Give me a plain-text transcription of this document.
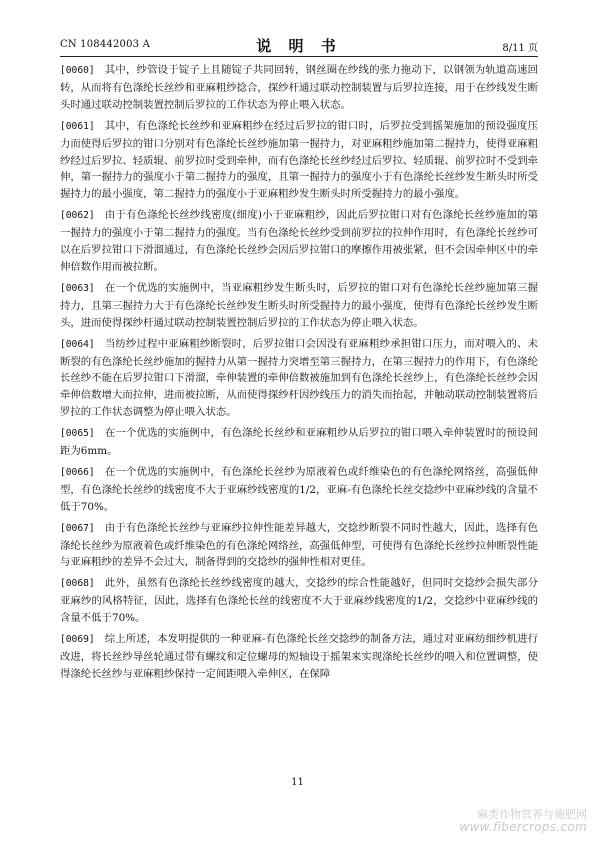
CN 108442003 A	说 明 书	8/11 页

[0060] 其中，纱管设于锭子上且随锭子共同回转，钢丝圈在纱线的张力拖动下，以钢领为轨道高速回转，从而将有色涤纶长丝纱和亚麻粗纱捻合，探纱杆通过联动控制装置与后罗拉连接，用于在纱线发生断头时通过联动控制装置控制后罗拉的工作状态为停止喂入状态。

[0061] 其中，有色涤纶长丝纱和亚麻粗纱在经过后罗拉的钳口时，后罗拉受到摇架施加的预设强度压力而使得后罗拉的钳口分别对有色涤纶长丝纱施加第一握持力，对亚麻粗纱施加第二握持力，使得亚麻粗纱经过后罗拉、轻质辊、前罗拉时受到牵伸，而有色涤纶长丝纱经过后罗拉、轻质辊、前罗拉时不受到牵伸，第一握持力的强度小于第二握持力的强度，且第一握持力的强度小于有色涤纶长丝纱发生断头时所受握持力的最小强度，第二握持力的强度小于亚麻粗纱发生断头时所受握持力的最小强度。

[0062] 由于有色涤纶长丝纱线密度(细度)小于亚麻粗纱，因此后罗拉钳口对有色涤纶长丝纱施加的第一握持力的强度小于第二握持力的强度。当有色涤纶长丝纱受到前罗拉的拉伸作用时，有色涤纶长丝纱可以在后罗拉钳口下滑溜通过，有色涤纶长丝纱会因后罗拉钳口的摩擦作用被张紧，但不会因牵伸区中的牵伸倍数作用而被拉断。

[0063] 在一个优选的实施例中，当亚麻粗纱发生断头时，后罗拉的钳口对有色涤纶长丝纱施加第三握持力，且第三握持力大于有色涤纶长丝纱发生断头时所受握持力的最小强度，使得有色涤纶长丝纱发生断头，进而使得探纱杆通过联动控制装置控制后罗拉的工作状态为停止喂入状态。

[0064] 当纺纱过程中亚麻粗纱断裂时，后罗拉钳口会因没有亚麻粗纱承担钳口压力，而对喂入的、未断裂的有色涤纶长丝纱施加的握持力从第一握持力突增至第三握持力，在第三握持力的作用下，有色涤纶长丝纱不能在后罗拉钳口下滑溜，牵伸装置的牵伸倍数被施加到有色涤纶长丝纱上，有色涤纶长丝纱会因牵伸倍数增大而拉伸，进而被拉断，从而使得探纱杆因纱线压力的消失而抬起，并触动联动控制装置将后罗拉的工作状态调整为停止喂入状态。

[0065] 在一个优选的实施例中，有色涤纶长丝纱和亚麻粗纱从后罗拉的钳口喂入牵伸装置时的预设间距为6mm。

[0066] 在一个优选的实施例中，有色涤纶长丝纱为原液着色或纤维染色的有色涤纶网络丝，高强低伸型，有色涤纶长丝纱的线密度不大于亚麻纱线密度的1/2，亚麻-有色涤纶长丝交捻纱中亚麻纱线的含量不低于70%。

[0067] 由于有色涤纶长丝纱与亚麻纱拉伸性能差异越大，交捻纱断裂不同时性越大，因此，选择有色涤纶长丝纱为原液着色或纤维染色的有色涤纶网络丝，高强低伸型，可使得有色涤纶长丝纱拉伸断裂性能与亚麻粗纱的差异不会过大，制备得到的交捻纱的强伸性相对更佳。

[0068] 此外，虽然有色涤纶长丝纱线密度的越大，交捻纱的综合性能越好，但同时交捻纱会损失部分亚麻纱的风格特征，因此，选择有色涤纶长丝的线密度不大于亚麻纱线密度的1/2，交捻纱中亚麻纱线的含量不低于70%。

[0069] 综上所述，本发明提供的一种亚麻-有色涤纶长丝交捻纱的制备方法，通过对亚麻纺细纱机进行改进，将长丝纱导丝轮通过带有螺纹和定位螺母的短轴设于摇架来实现涤纶长丝纱的喂入和位置调整，使得涤纶长丝纱与亚麻粗纱保持一定间距喂入牵伸区，在保障

11
麻类作物营养与施肥网
www.fibercrops.com
